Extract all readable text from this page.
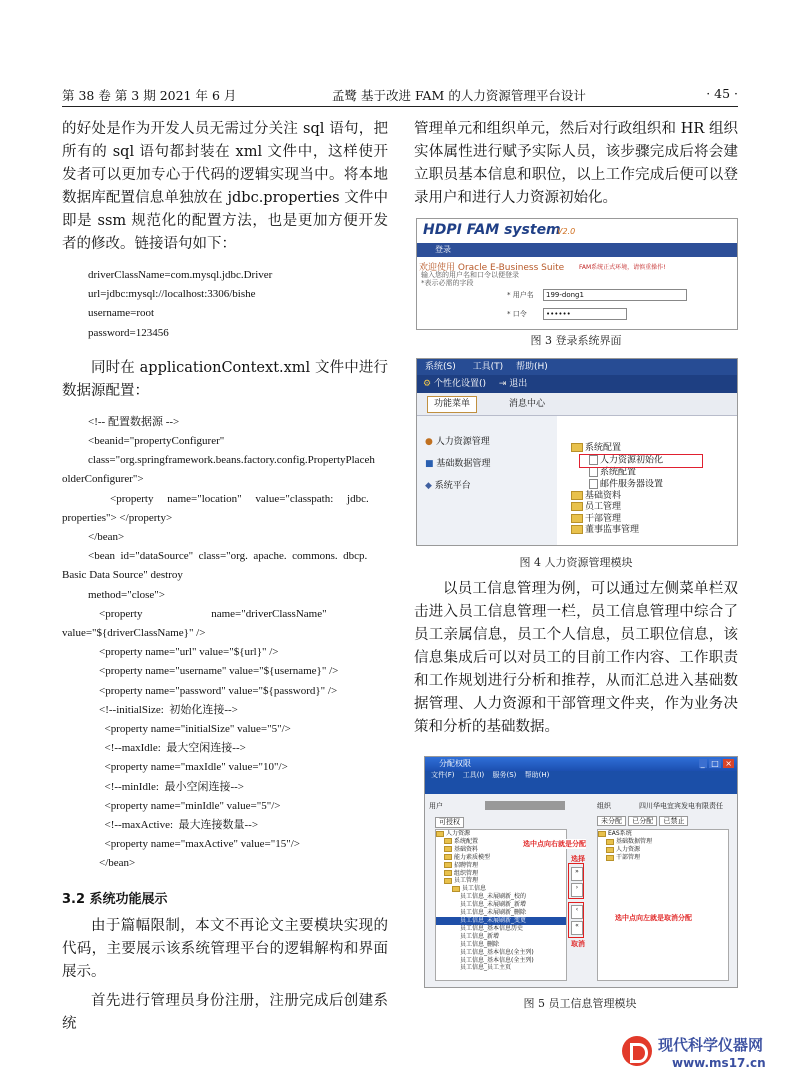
第 38 卷 第 3 期 2021 年 6 月	孟鹭 基于改进 FAM 的人力资源管理平台设计	· 45 ·

的好处是作为开发人员无需过分关注 sql 语句，把所有的 sql 语句都封装在 xml 文件中，这样使开发者可以更加专心于代码的逻辑实现当中。将本地数据库配置信息单独放在 jdbc.properties 文件中即是 ssm 规范化的配置方法，也是更加方便开发者的修改。链接语句如下：

driverClassName=com.mysql.jdbc.Driver
url=jdbc:mysql://localhost:3306/bishe
username=root
password=123456

同时在 applicationContext.xml 文件中进行数据源配置：

<!-- 配置数据源 -->
<beanid="propertyConfigurer"
class="org.springframework.beans.factory.config.PropertyPlaceh
olderConfigurer">
<property     name="location"     value="classpath:     jdbc.
properties"> </property>
</bean>
<bean  id="dataSource"  class="org.  apache.  commons.  dbcp.
Basic Data Source" destroy
method="close">
<property                         name="driverClassName"
value="${driverClassName}" />
<property name="url" value="${url}" />
<property name="username" value="${username}" />
<property name="password" value="${password}" />
<!--initialSize:  初始化连接-->
<property name="initialSize" value="5"/>
<!--maxIdle:  最大空闲连接-->
<property name="maxIdle" value="10"/>
<!--minIdle:  最小空闲连接-->
<property name="minIdle" value="5"/>
<!--maxActive:  最大连接数量-->
<property name="maxActive" value="15"/>
</bean>
3.2 系统功能展示

由于篇幅限制，本文不再论文主要模块实现的代码，主要展示该系统管理平台的逻辑解构和界面展示。

首先进行管理员身份注册，注册完成后创建系统

管理单元和组织单元，然后对行政组织和 HR 组织实体属性进行赋予实际人员，该步骤完成后将会建立职员基本信息和职位，以上工作完成后便可以登录用户和进行人力资源初始化。

HDPI FAM system
V2.0
登录
欢迎使用 Oracle E-Business Suite FAM系统正式环境，请慎重操作!
输入您的用户名和口令以便登录
*表示必需的字段
* 用户名	199-dong1
* 口令	••••••
图 3 登录系统界面
系统(S) 工具(T) 帮助(H)
⚙ 个性化设置() ⇥ 退出
功能菜单	消息中心
● 人力资源管理
■ 基础数据管理
◆ 系统平台
系统配置
人力资源初始化
系统配置
邮件服务器设置
基础资料
员工管理
干部管理
董事监事管理
图 4 人力资源管理模块

以员工信息管理为例，可以通过左侧菜单栏双击进入员工信息管理一栏，员工信息管理中综合了员工亲属信息，员工个人信息，员工职位信息，该信息集成后可以对员工的目前工作内容、工作职责和工作规划进行分析和推荐，从而汇总进入基础数据管理、人力资源和干部管理文件夹，作为业务决策和分析的基础数据。

分配权限	_ □ ×
文件(F) 工具(I) 服务(S) 帮助(H)
用户	组织	四川华电宜宾发电有限责任
可授权	未分配 已分配 已禁止
人力资源
系统配置
基础资料
能力素质模型
招聘管理
组织管理
员工管理
员工信息
员工信息_未展刷新_校的
员工信息_未展刷新_新增
员工信息_未展刷新_删除
员工信息_未展刷新_变更
员工信息_基本信息历史
员工信息_新增
员工信息_删除
员工信息_基本信息(全主列)
员工信息_基本信息(全主列)
员工信息_员工主页
»
›
‹
«
EAS系统
基础数据管理
人力资源
干部管理
选中点向右就是分配
选择
选中点向左就是取消分配
取消
图 5 员工信息管理模块
现代科学仪器网
www.ms17.cn
